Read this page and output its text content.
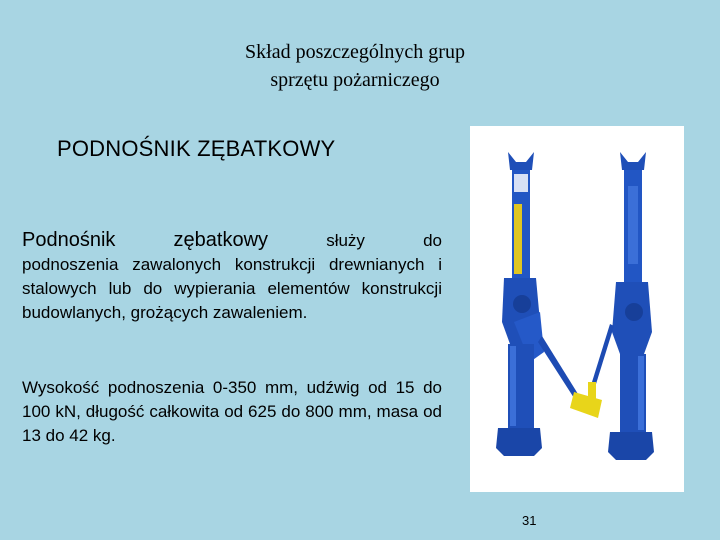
Skład poszczególnych grup
sprzętu pożarniczego
PODNOŚNIK ZĘBATKOWY
Podnośnik	zębatkowy	służy	do
podnoszenia zawalonych konstrukcji drewnianych i stalowych lub do wypierania elementów konstrukcji budowlanych, grożących zawaleniem.
Wysokość podnoszenia 0-350 mm, udźwig od 15 do 100 kN, długość całkowita od 625 do 800 mm, masa od 13 do 42 kg.
31
